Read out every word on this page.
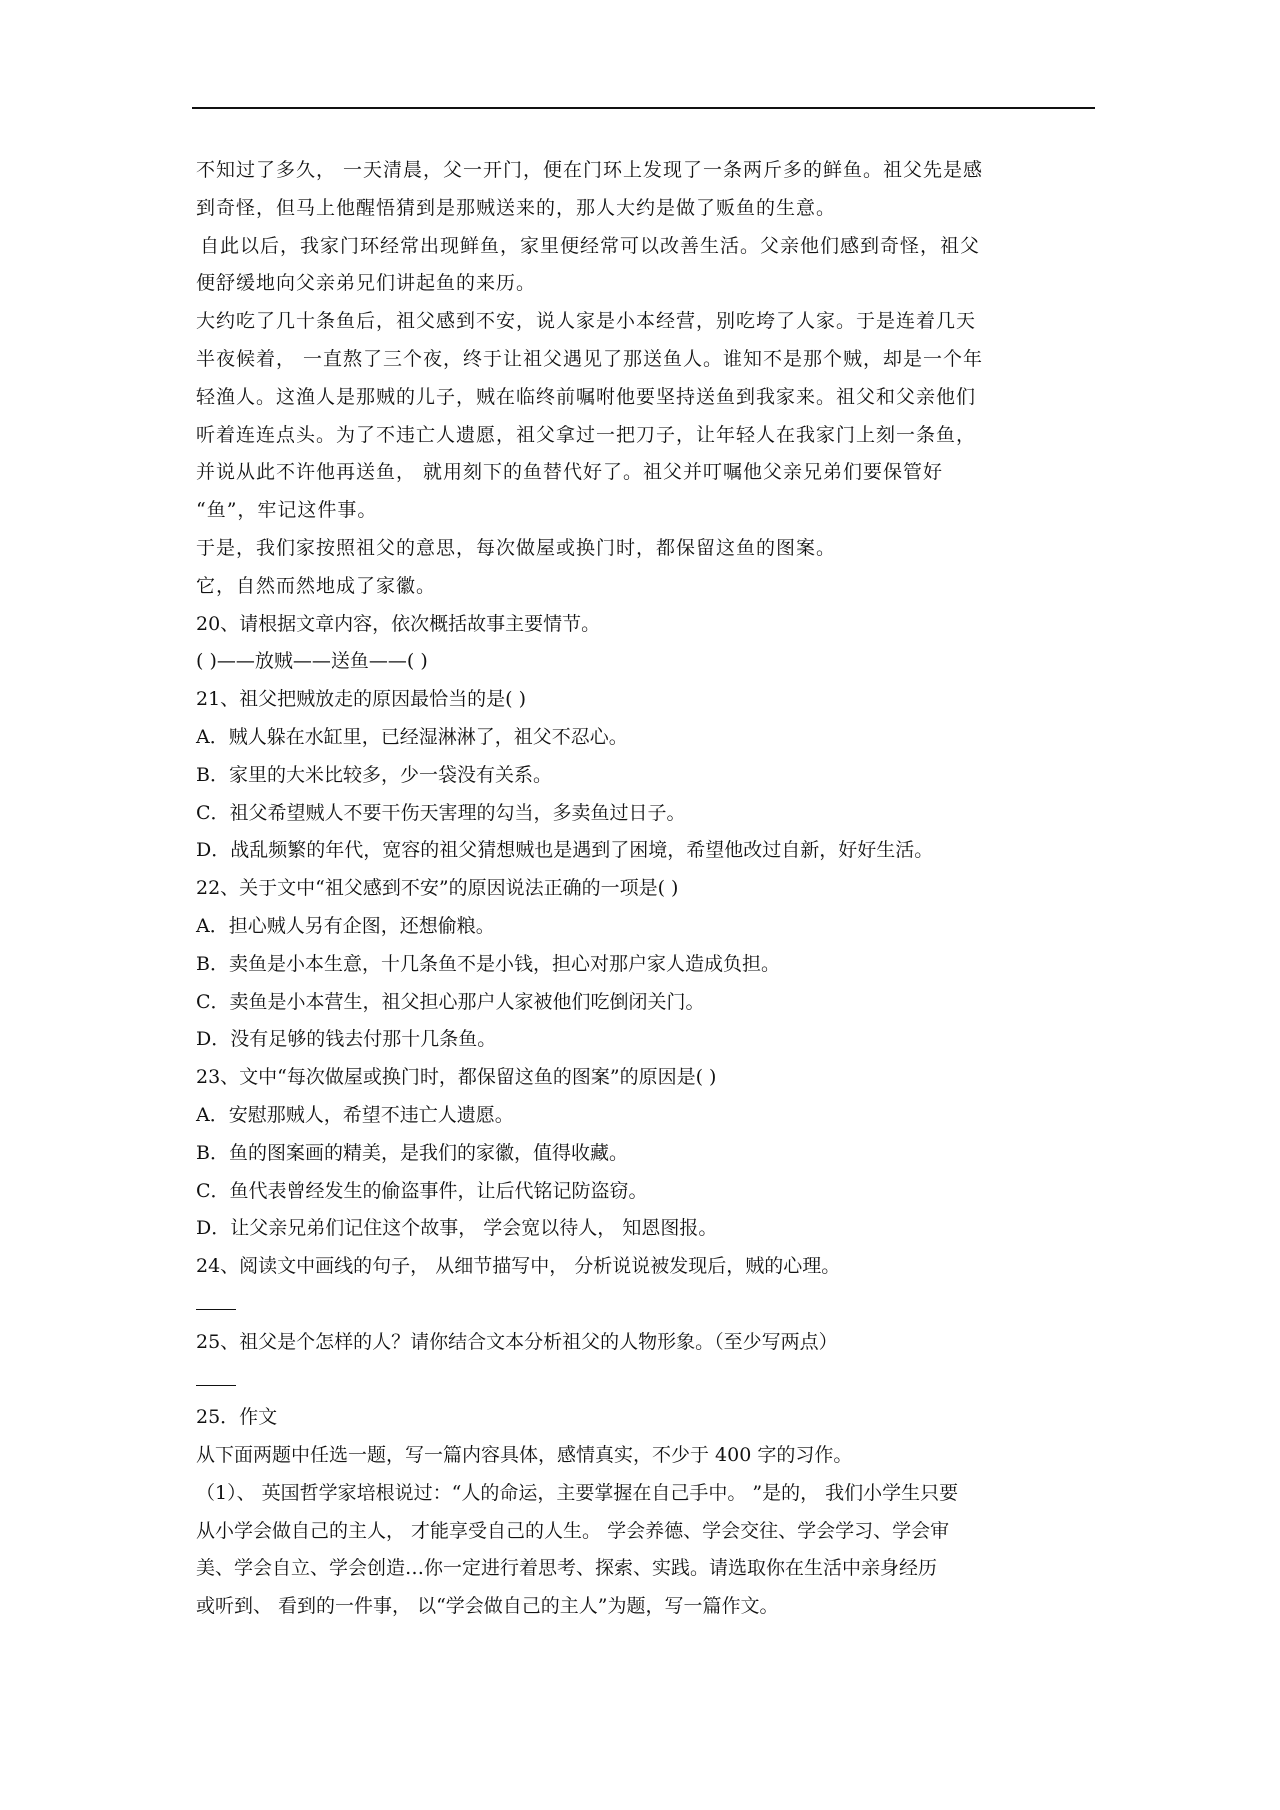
不知过了多久， 一天清晨，父一开门，便在门环上发现了一条两斤多的鲜鱼。祖父先是感
到奇怪，但马上他醒悟猜到是那贼送来的，那人大约是做了贩鱼的生意。
自此以后，我家门环经常出现鲜鱼，家里便经常可以改善生活。父亲他们感到奇怪，祖父
便舒缓地向父亲弟兄们讲起鱼的来历。
大约吃了几十条鱼后，祖父感到不安，说人家是小本经营，别吃垮了人家。于是连着几天
半夜候着， 一直熬了三个夜，终于让祖父遇见了那送鱼人。谁知不是那个贼，却是一个年
轻渔人。这渔人是那贼的儿子，贼在临终前嘱咐他要坚持送鱼到我家来。祖父和父亲他们
听着连连点头。为了不违亡人遗愿，祖父拿过一把刀子，让年轻人在我家门上刻一条鱼，
并说从此不许他再送鱼， 就用刻下的鱼替代好了。祖父并叮嘱他父亲兄弟们要保管好
“鱼”，牢记这件事。
于是，我们家按照祖父的意思，每次做屋或换门时，都保留这鱼的图案。
它，自然而然地成了家徽。
20、请根据文章内容，依次概括故事主要情节。
( )——放贼——送鱼——( )
21、祖父把贼放走的原因最恰当的是( )
A．贼人躲在水缸里，已经湿淋淋了，祖父不忍心。
B．家里的大米比较多，少一袋没有关系。
C．祖父希望贼人不要干伤天害理的勾当，多卖鱼过日子。
D．战乱频繁的年代，宽容的祖父猜想贼也是遇到了困境，希望他改过自新，好好生活。
22、关于文中“祖父感到不安”的原因说法正确的一项是( )
A．担心贼人另有企图，还想偷粮。
B．卖鱼是小本生意，十几条鱼不是小钱，担心对那户家人造成负担。
C．卖鱼是小本营生，祖父担心那户人家被他们吃倒闭关门。
D．没有足够的钱去付那十几条鱼。
23、文中“每次做屋或换门时，都保留这鱼的图案”的原因是( )
A．安慰那贼人，希望不违亡人遗愿。
B．鱼的图案画的精美，是我们的家徽，值得收藏。
C．鱼代表曾经发生的偷盗事件，让后代铭记防盗窃。
D．让父亲兄弟们记住这个故事， 学会宽以待人， 知恩图报。
24、阅读文中画线的句子， 从细节描写中， 分析说说被发现后，贼的心理。
25、祖父是个怎样的人？请你结合文本分析祖父的人物形象。（至少写两点）
25．作文
从下面两题中任选一题，写一篇内容具体，感情真实，不少于 400 字的习作。
（1）、 英国哲学家培根说过：“人的命运，主要掌握在自己手中。 ”是的， 我们小学生只要
从小学会做自己的主人， 才能享受自己的人生。 学会养德、学会交往、学会学习、学会审
美、学会自立、学会创造…你一定进行着思考、探索、实践。请选取你在生活中亲身经历
或听到、 看到的一件事， 以“学会做自己的主人”为题，写一篇作文。
